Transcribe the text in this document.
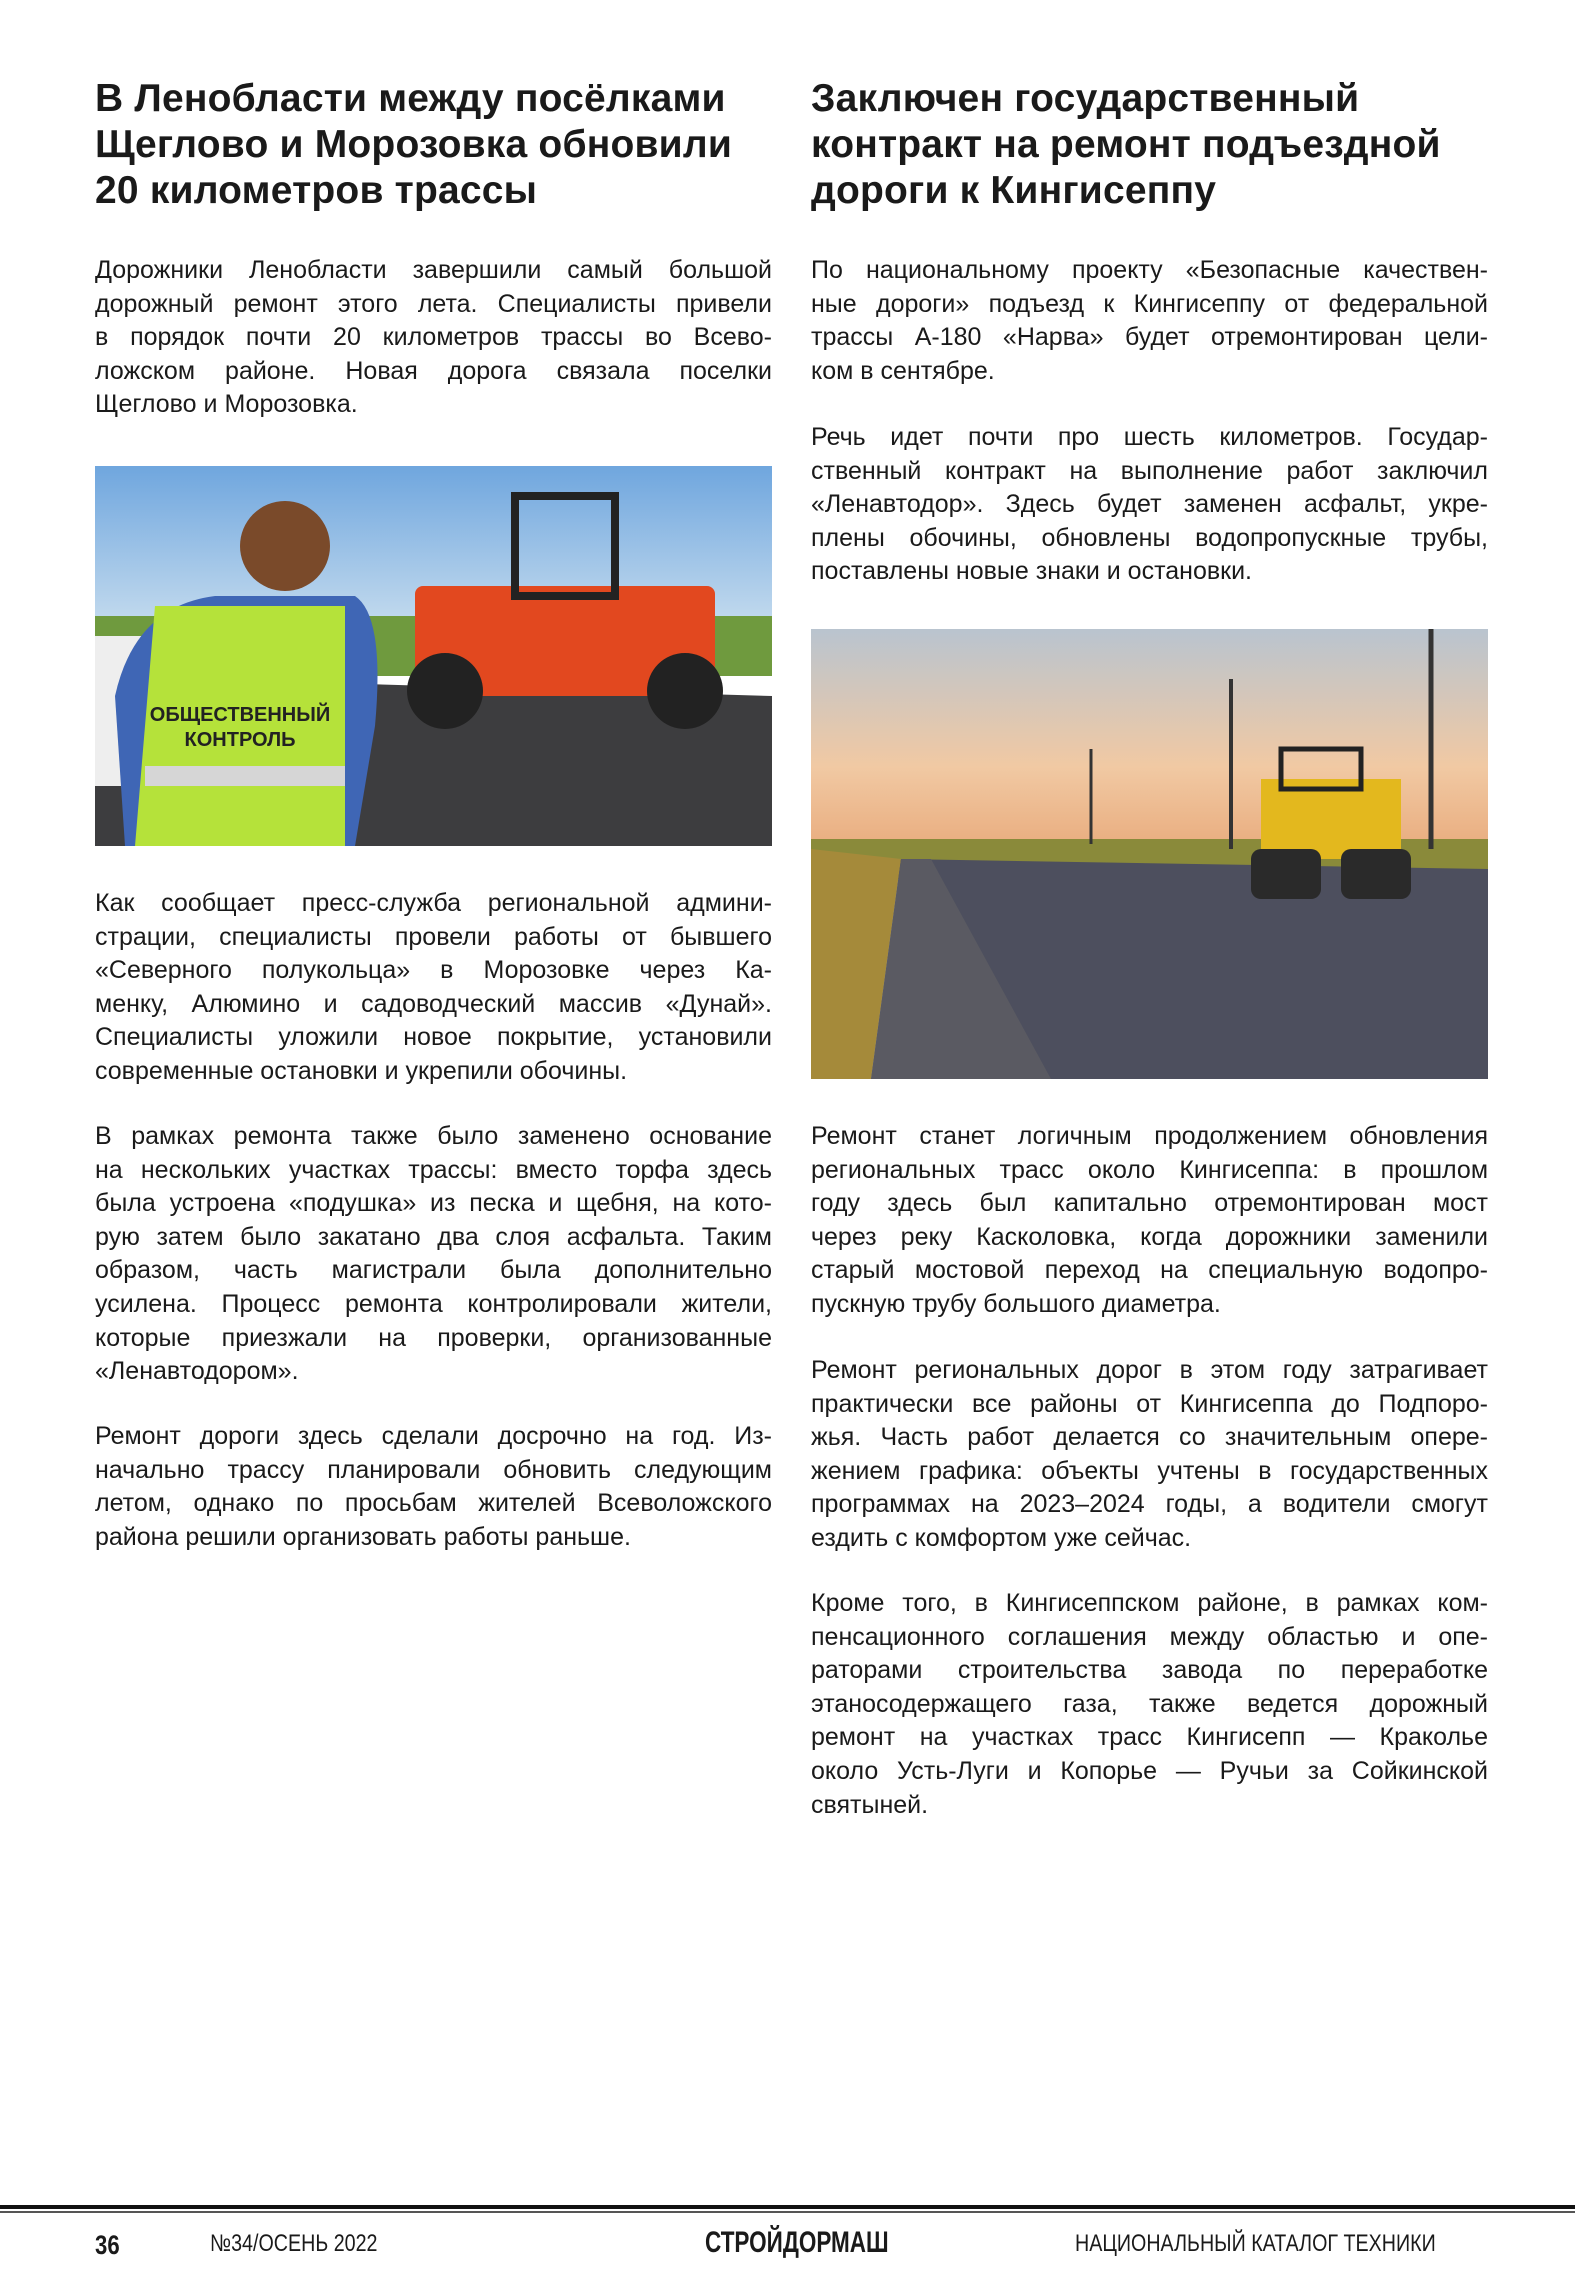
В Ленобласти между посёлками
Щеглово и Морозовка обновили
20 километров трассы
Заключен государственный
контракт на ремонт подъездной
дороги к Кингисеппу
Дорожники Ленобласти завершили самый большой
дорожный ремонт этого лета. Специалисты привели
в порядок почти 20 километров трассы во Всево-
ложском районе. Новая дорога связала поселки
Щеглово и Морозовка.
ОБЩЕСТВЕННЫЙ
КОНТРОЛЬ
Как сообщает пресс-служба региональной админи-
страции, специалисты провели работы от бывшего
«Северного полукольца» в Морозовке через Ка-
менку, Алюмино и садоводческий массив «Дунай».
Специалисты уложили новое покрытие, установили
современные остановки и укрепили обочины.
В рамках ремонта также было заменено основание
на нескольких участках трассы: вместо торфа здесь
была устроена «подушка» из песка и щебня, на кото-
рую затем было закатано два слоя асфальта. Таким
образом, часть магистрали была дополнительно
усилена. Процесс ремонта контролировали жители,
которые приезжали на проверки, организованные
«Ленавтодором».
Ремонт дороги здесь сделали досрочно на год. Из-
начально трассу планировали обновить следующим
летом, однако по просьбам жителей Всеволожского
района решили организовать работы раньше.
По национальному проекту «Безопасные качествен-
ные дороги» подъезд к Кингисеппу от федеральной
трассы А-180 «Нарва» будет отремонтирован цели-
ком в сентябре.
Речь идет почти про шесть километров. Государ-
ственный контракт на выполнение работ заключил
«Ленавтодор». Здесь будет заменен асфальт, укре-
плены обочины, обновлены водопропускные трубы,
поставлены новые знаки и остановки.
Ремонт станет логичным продолжением обновления
региональных трасс около Кингисеппа: в прошлом
году здесь был капитально отремонтирован мост
через реку Касколовка, когда дорожники заменили
старый мостовой переход на специальную водопро-
пускную трубу большого диаметра.
Ремонт региональных дорог в этом году затрагивает
практически все районы от Кингисеппа до Подпоро-
жья. Часть работ делается со значительным опере-
жением графика: объекты учтены в государственных
программах на 2023–2024 годы, а водители смогут
ездить с комфортом уже сейчас.
Кроме того, в Кингисеппском районе, в рамках ком-
пенсационного соглашения между областью и опе-
раторами строительства завода по переработке
этаносодержащего газа, также ведется дорожный
ремонт на участках трасс Кингисепп — Краколье
около Усть-Луги и Копорье — Ручьи за Сойкинской
святыней.
36	№34/ОСЕНЬ 2022	СТРОЙДОРМАШ	НАЦИОНАЛЬНЫЙ КАТАЛОГ ТЕХНИКИ
